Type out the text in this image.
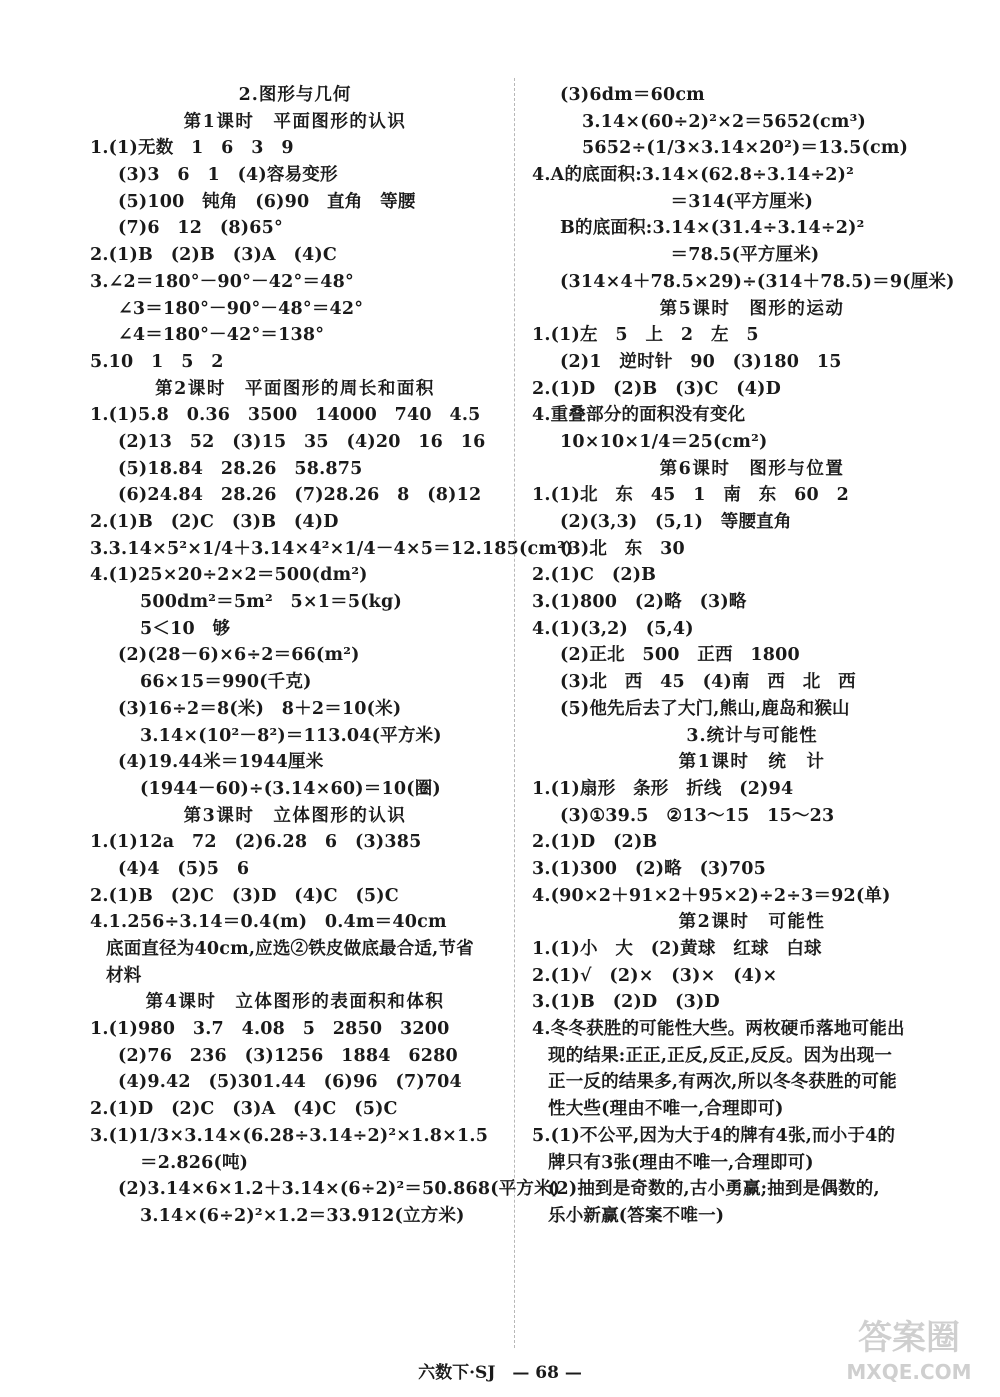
2.图形与几何
第1课时　平面图形的认识
1.(1)无数　1　6　3　9
(3)3　6　1　(4)容易变形
(5)100　钝角　(6)90　直角　等腰
(7)6　12　(8)65°
2.(1)B　(2)B　(3)A　(4)C
3.∠2＝180°－90°－42°＝48°
∠3＝180°－90°－48°＝42°
∠4＝180°－42°＝138°
5.10　1　5　2
第2课时　平面图形的周长和面积
1.(1)5.8　0.36　3500　14000　740　4.5
(2)13　52　(3)15　35　(4)20　16　16
(5)18.84　28.26　58.875
(6)24.84　28.26　(7)28.26　8　(8)12
2.(1)B　(2)C　(3)B　(4)D
3.3.14×5²×1/4＋3.14×4²×1/4－4×5＝12.185(cm²)
4.(1)25×20÷2×2＝500(dm²)
500dm²＝5m²　5×1＝5(kg)
5＜10　够
(2)(28－6)×6÷2＝66(m²)
66×15＝990(千克)
(3)16÷2＝8(米)　8＋2＝10(米)
3.14×(10²－8²)＝113.04(平方米)
(4)19.44米＝1944厘米
(1944－60)÷(3.14×60)＝10(圈)
第3课时　立体图形的认识
1.(1)12a　72　(2)6.28　6　(3)385
(4)4　(5)5　6
2.(1)B　(2)C　(3)D　(4)C　(5)C
4.1.256÷3.14＝0.4(m)　0.4m＝40cm
底面直径为40cm,应选②铁皮做底最合适,节省
材料
第4课时　立体图形的表面积和体积
1.(1)980　3.7　4.08　5　2850　3200
(2)76　236　(3)1256　1884　6280
(4)9.42　(5)301.44　(6)96　(7)704
2.(1)D　(2)C　(3)A　(4)C　(5)C
3.(1)1/3×3.14×(6.28÷3.14÷2)²×1.8×1.5
＝2.826(吨)
(2)3.14×6×1.2＋3.14×(6÷2)²＝50.868(平方米)
3.14×(6÷2)²×1.2＝33.912(立方米)
(3)6dm＝60cm
3.14×(60÷2)²×2＝5652(cm³)
5652÷(1/3×3.14×20²)＝13.5(cm)
4.A的底面积:3.14×(62.8÷3.14÷2)²
　　　　　＝314(平方厘米)
B的底面积:3.14×(31.4÷3.14÷2)²
　　　　　＝78.5(平方厘米)
(314×4＋78.5×29)÷(314＋78.5)＝9(厘米)
第5课时　图形的运动
1.(1)左　5　上　2　左　5
(2)1　逆时针　90　(3)180　15
2.(1)D　(2)B　(3)C　(4)D
4.重叠部分的面积没有变化
10×10×1/4＝25(cm²)
第6课时　图形与位置
1.(1)北　东　45　1　南　东　60　2
(2)(3,3)　(5,1)　等腰直角
(3)北　东　30
2.(1)C　(2)B
3.(1)800　(2)略　(3)略
4.(1)(3,2)　(5,4)
(2)正北　500　正西　1800
(3)北　西　45　(4)南　西　北　西
(5)他先后去了大门,熊山,鹿岛和猴山
3.统计与可能性
第1课时　统　计
1.(1)扇形　条形　折线　(2)94
(3)①39.5　②13～15　15～23
2.(1)D　(2)B
3.(1)300　(2)略　(3)705
4.(90×2＋91×2＋95×2)÷2÷3＝92(单)
第2课时　可能性
1.(1)小　大　(2)黄球　红球　白球
2.(1)√　(2)×　(3)×　(4)×
3.(1)B　(2)D　(3)D
4.冬冬获胜的可能性大些。两枚硬币落地可能出
现的结果:正正,正反,反正,反反。因为出现一
正一反的结果多,有两次,所以冬冬获胜的可能
性大些(理由不唯一,合理即可)
5.(1)不公平,因为大于4的牌有4张,而小于4的
牌只有3张(理由不唯一,合理即可)
(2)抽到是奇数的,古小勇赢;抽到是偶数的,
乐小新赢(答案不唯一)
六数下·SJ　— 68 —
答案圈
MXQE.COM
